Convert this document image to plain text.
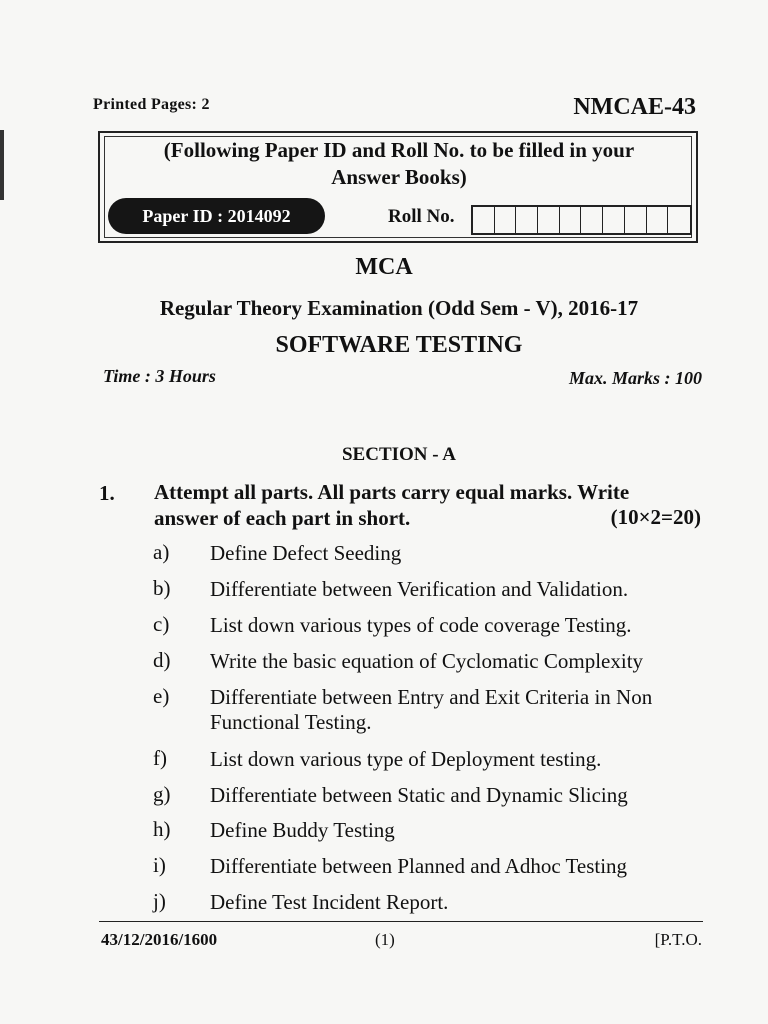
Printed Pages: 2	NMCAE-43
(Following Paper ID and Roll No. to be filled in your
Answer Books)
Paper ID : 2014092	Roll No.
MCA
Regular Theory Examination (Odd Sem - V), 2016-17
SOFTWARE TESTING
Time : 3 Hours	Max. Marks : 100
SECTION - A
1. Attempt all parts. All parts carry equal marks. Write
answer of each part in short.	(10×2=20)
a) Define Defect Seeding
b) Differentiate between Verification and Validation.
c) List down various types of code coverage Testing.
d) Write the basic equation of Cyclomatic Complexity
e) Differentiate between Entry and Exit Criteria in Non
Functional Testing.
f) List down various type of Deployment testing.
g) Differentiate between Static and Dynamic Slicing
h) Define Buddy Testing
i) Differentiate between Planned and Adhoc Testing
j) Define Test Incident Report.
43/12/2016/1600	(1)	[P.T.O.
